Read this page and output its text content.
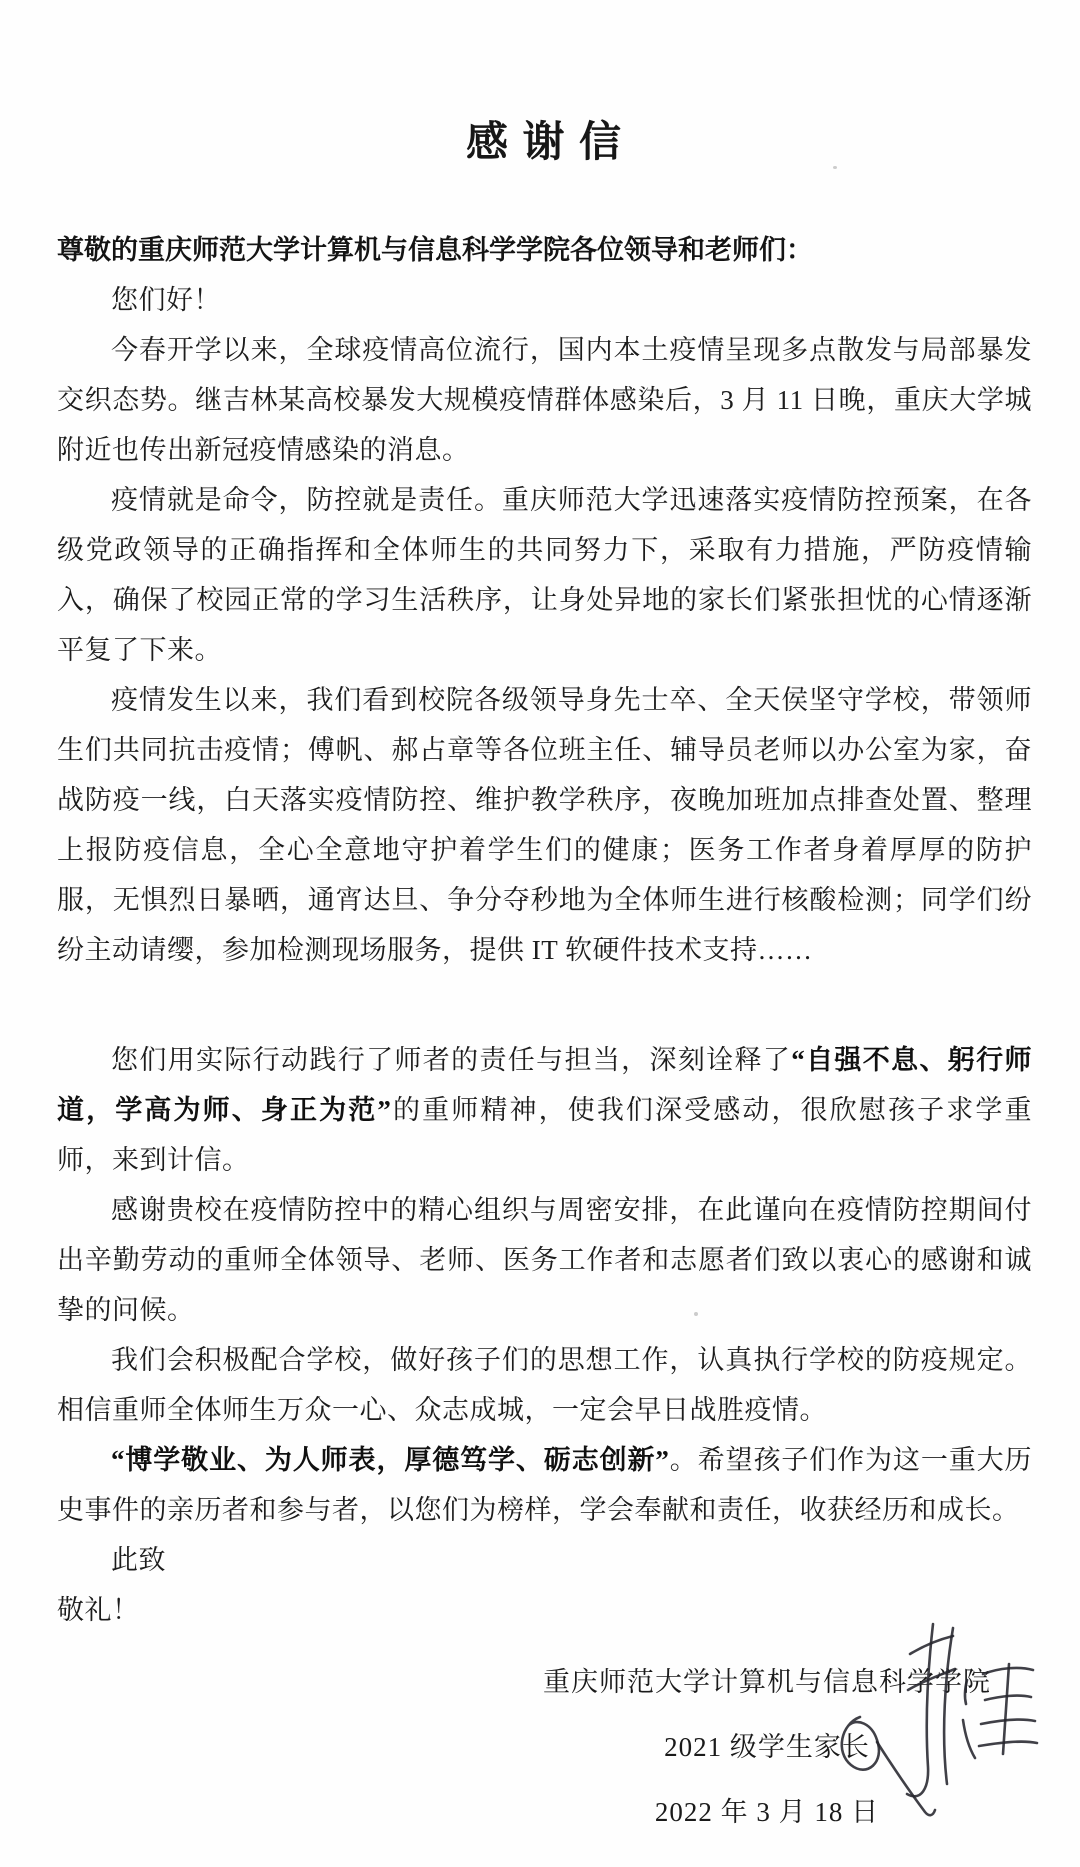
感 谢 信

尊敬的重庆师范大学计算机与信息科学学院各位领导和老师们：

您们好！

今春开学以来，全球疫情高位流行，国内本土疫情呈现多点散发与局部暴发交织态势。继吉林某高校暴发大规模疫情群体感染后，3 月 11 日晚，重庆大学城附近也传出新冠疫情感染的消息。

疫情就是命令，防控就是责任。重庆师范大学迅速落实疫情防控预案，在各级党政领导的正确指挥和全体师生的共同努力下，采取有力措施，严防疫情输入，确保了校园正常的学习生活秩序，让身处异地的家长们紧张担忧的心情逐渐平复了下来。

疫情发生以来，我们看到校院各级领导身先士卒、全天侯坚守学校，带领师生们共同抗击疫情；傅帆、郝占章等各位班主任、辅导员老师以办公室为家，奋战防疫一线，白天落实疫情防控、维护教学秩序，夜晚加班加点排查处置、整理上报防疫信息，全心全意地守护着学生们的健康；医务工作者身着厚厚的防护服，无惧烈日暴晒，通宵达旦、争分夺秒地为全体师生进行核酸检测；同学们纷纷主动请缨，参加检测现场服务，提供 IT 软硬件技术支持……

您们用实际行动践行了师者的责任与担当，深刻诠释了“自强不息、躬行师道，学高为师、身正为范”的重师精神，使我们深受感动，很欣慰孩子求学重师，来到计信。

感谢贵校在疫情防控中的精心组织与周密安排，在此谨向在疫情防控期间付出辛勤劳动的重师全体领导、老师、医务工作者和志愿者们致以衷心的感谢和诚挚的问候。

我们会积极配合学校，做好孩子们的思想工作，认真执行学校的防疫规定。相信重师全体师生万众一心、众志成城，一定会早日战胜疫情。

“博学敬业、为人师表，厚德笃学、砺志创新”。希望孩子们作为这一重大历史事件的亲历者和参与者，以您们为榜样，学会奉献和责任，收获经历和成长。

此致

敬礼！

重庆师范大学计算机与信息科学学院
2021 级学生家长
2022 年 3 月 18 日
